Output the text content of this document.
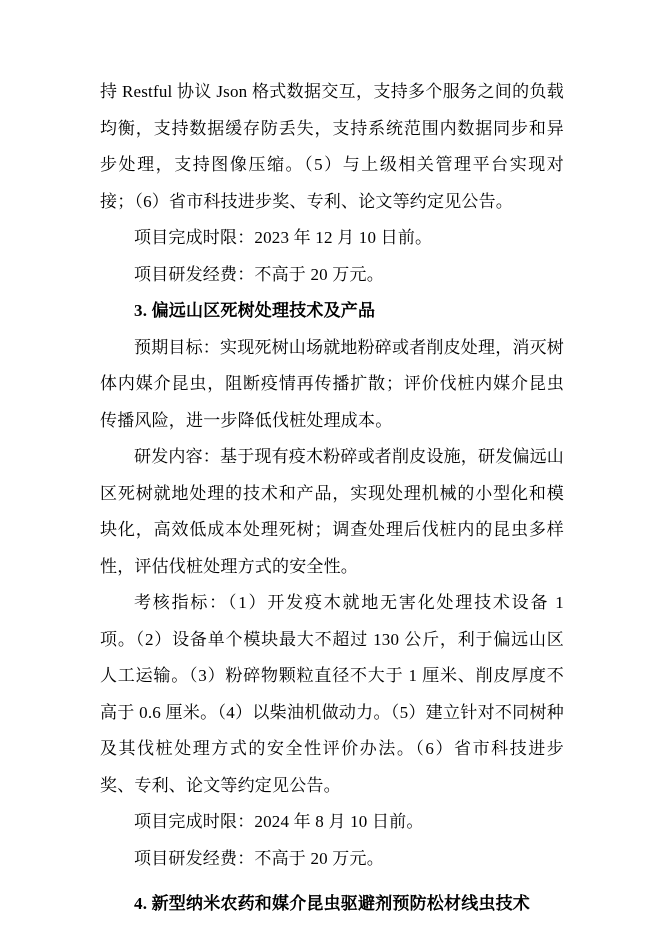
持 Restful 协议 Json 格式数据交互，支持多个服务之间的负载均衡，支持数据缓存防丢失，支持系统范围内数据同步和异步处理，支持图像压缩。（5）与上级相关管理平台实现对接；（6）省市科技进步奖、专利、论文等约定见公告。

项目完成时限：2023 年 12 月 10 日前。

项目研发经费：不高于 20 万元。

3. 偏远山区死树处理技术及产品

预期目标：实现死树山场就地粉碎或者削皮处理，消灭树体内媒介昆虫，阻断疫情再传播扩散；评价伐桩内媒介昆虫传播风险，进一步降低伐桩处理成本。

研发内容：基于现有疫木粉碎或者削皮设施，研发偏远山区死树就地处理的技术和产品，实现处理机械的小型化和模块化，高效低成本处理死树；调查处理后伐桩内的昆虫多样性，评估伐桩处理方式的安全性。

考核指标：（1）开发疫木就地无害化处理技术设备 1 项。（2）设备单个模块最大不超过 130 公斤，利于偏远山区人工运输。（3）粉碎物颗粒直径不大于 1 厘米、削皮厚度不高于 0.6 厘米。（4）以柴油机做动力。（5）建立针对不同树种及其伐桩处理方式的安全性评价办法。（6）省市科技进步奖、专利、论文等约定见公告。

项目完成时限：2024 年 8 月 10 日前。

项目研发经费：不高于 20 万元。

4. 新型纳米农药和媒介昆虫驱避剂预防松材线虫技术
